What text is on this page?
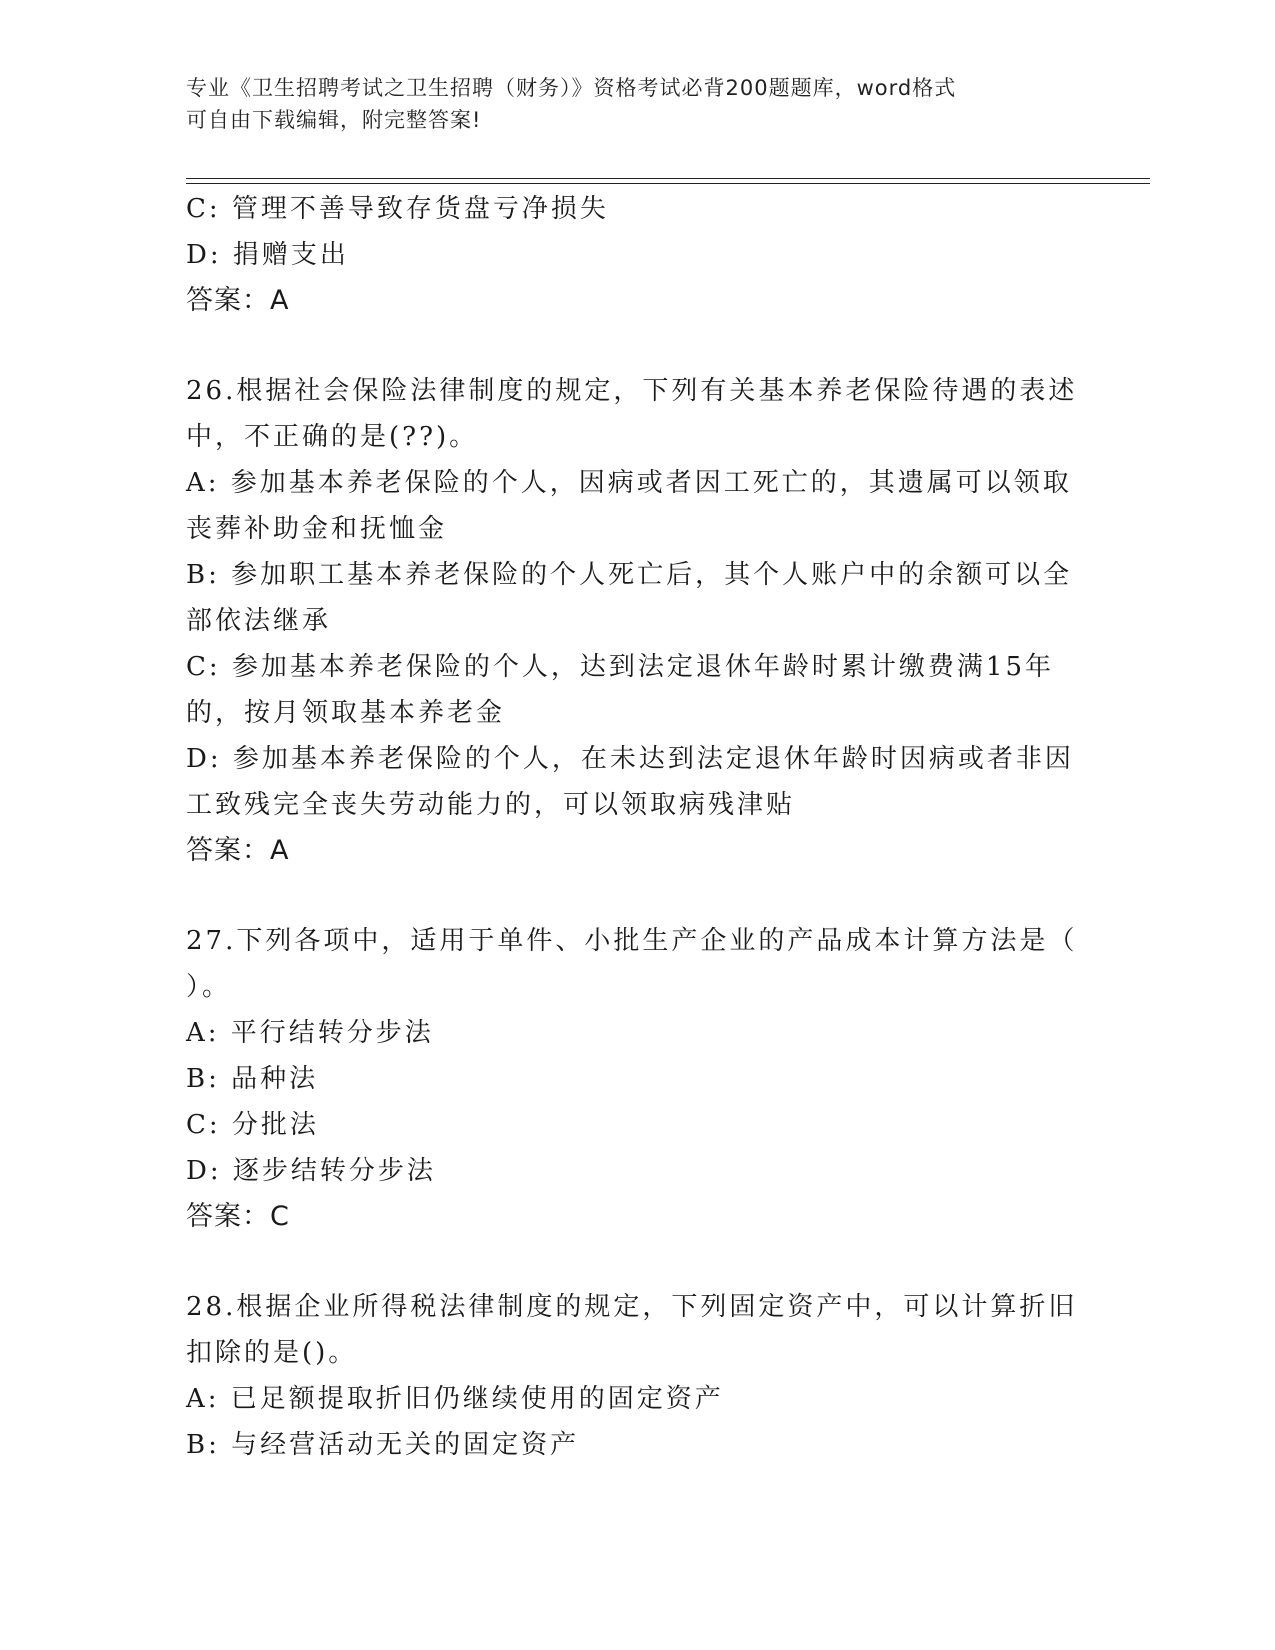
专业《卫生招聘考试之卫生招聘（财务）》资格考试必背200题题库，word格式
可自由下载编辑，附完整答案!
C: 管理不善导致存货盘亏净损失
D: 捐赠支出
答案：A
26.根据社会保险法律制度的规定，下列有关基本养老保险待遇的表述
中，不正确的是(??)。
A: 参加基本养老保险的个人，因病或者因工死亡的，其遗属可以领取
丧葬补助金和抚恤金
B: 参加职工基本养老保险的个人死亡后，其个人账户中的余额可以全
部依法继承
C: 参加基本养老保险的个人，达到法定退休年龄时累计缴费满15年
的，按月领取基本养老金
D: 参加基本养老保险的个人，在未达到法定退休年龄时因病或者非因
工致残完全丧失劳动能力的，可以领取病残津贴
答案：A
27.下列各项中，适用于单件、小批生产企业的产品成本计算方法是（
）。
A: 平行结转分步法
B: 品种法
C: 分批法
D: 逐步结转分步法
答案：C
28.根据企业所得税法律制度的规定，下列固定资产中，可以计算折旧
扣除的是()。
A: 已足额提取折旧仍继续使用的固定资产
B: 与经营活动无关的固定资产
